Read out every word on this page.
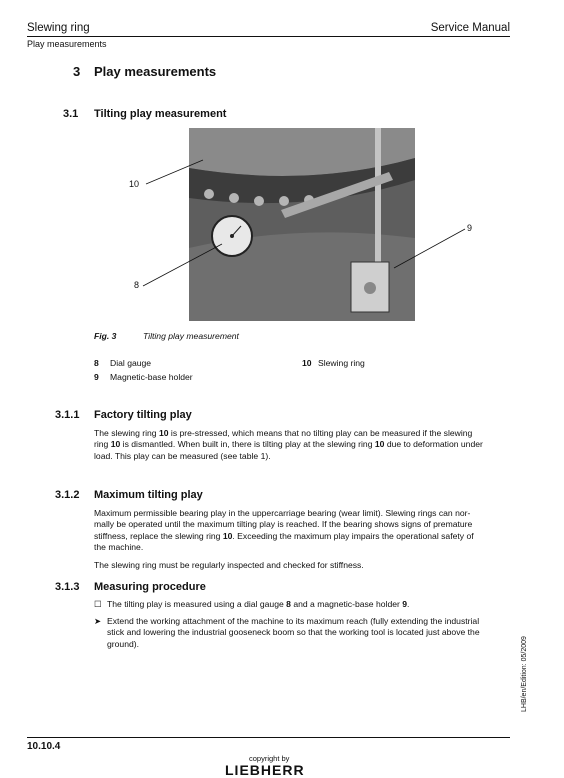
Slewing ring	Service Manual
Play measurements
3 Play measurements
3.1 Tilting play measurement
10
8
9
Fig. 3	Tilting play measurement
8 Dial gauge
9 Magnetic-base holder
10 Slewing ring
3.1.1 Factory tilting play
The slewing ring 10 is pre-stressed, which means that no tilting play can be measured if the slewing
ring 10 is dismantled. When built in, there is tilting play at the slewing ring 10 due to deformation under
load. This play can be measured (see table 1).
3.1.2 Maximum tilting play
Maximum permissible bearing play in the uppercarriage bearing (wear limit). Slewing rings can nor-
mally be operated until the maximum tilting play is reached. If the bearing shows signs of premature
stiffness, replace the slewing ring 10. Exceeding the maximum play impairs the operational safety of
the machine.
The slewing ring must be regularly inspected and checked for stiffness.
3.1.3 Measuring procedure
☐ The tilting play is measured using a dial gauge 8 and a magnetic-base holder 9.
➤ Extend the working attachment of the machine to its maximum reach (fully extending the industrial
stick and lowering the industrial gooseneck boom so that the working tool is located just above the
ground).	LHB/en/Edition: 05/2009
10.10.4
copyright by
LIEBHERR
